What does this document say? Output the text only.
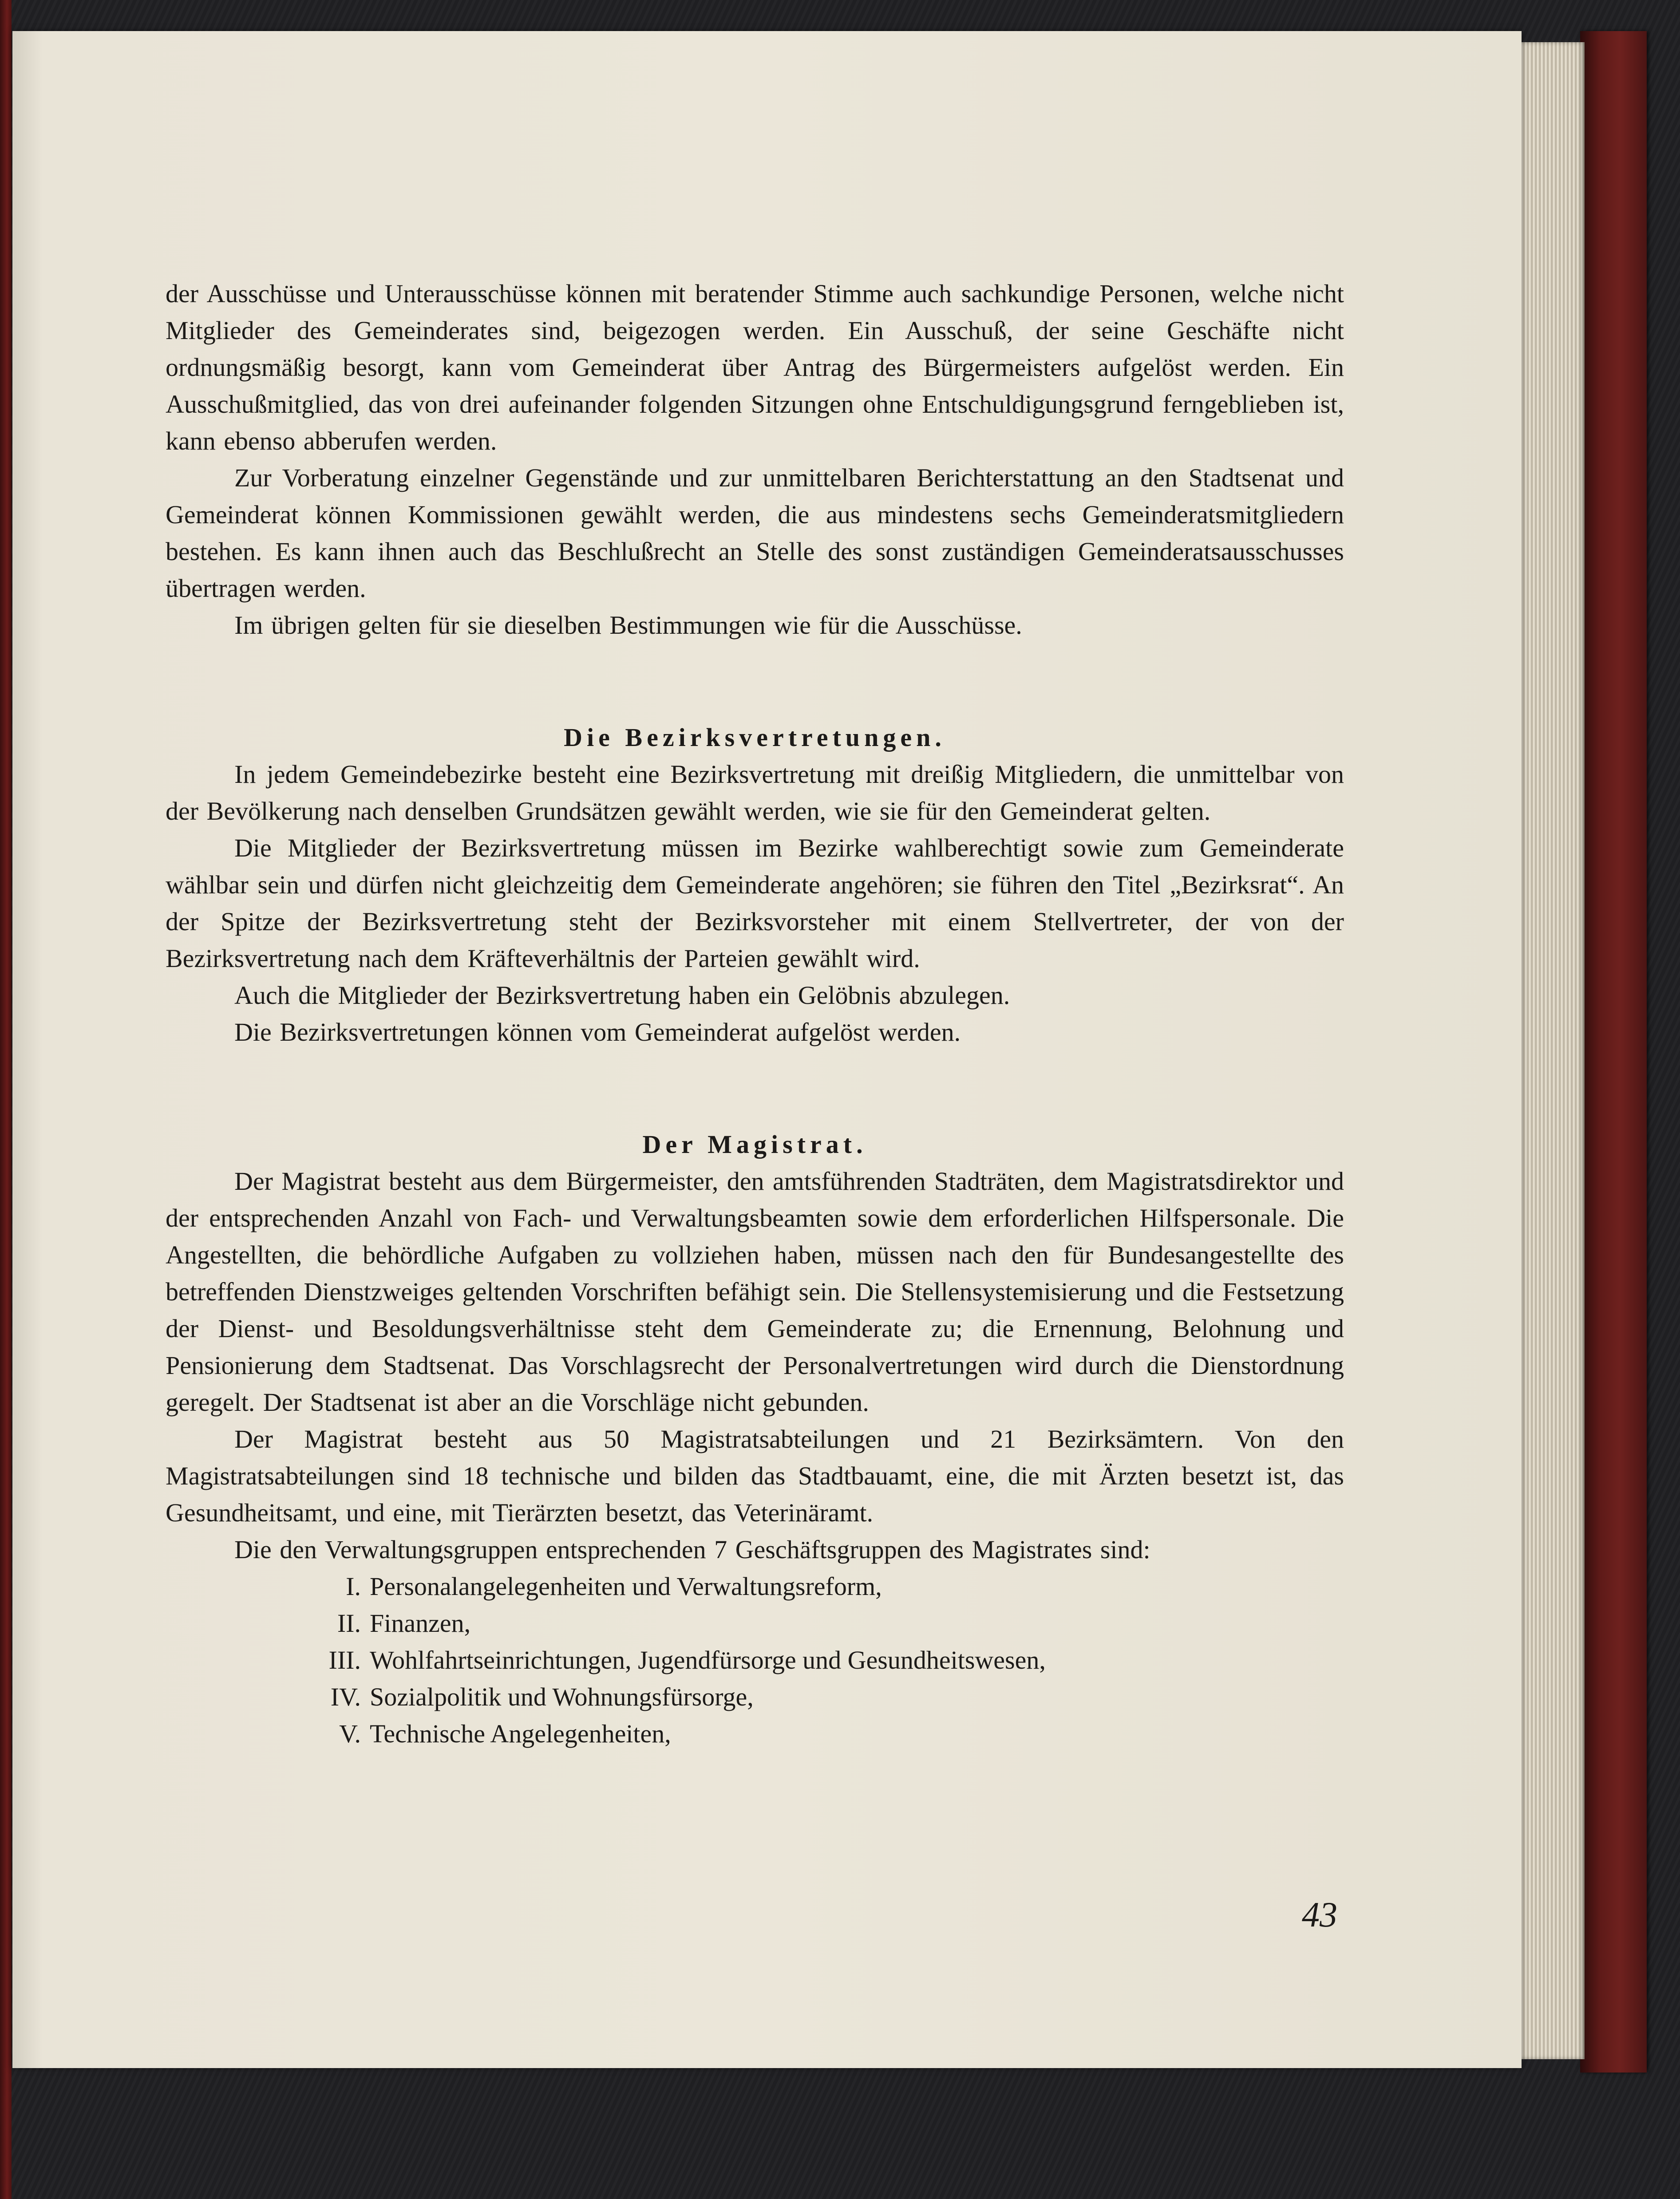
der Ausschüsse und Unterausschüsse können mit beratender Stimme auch sachkundige Personen, welche nicht Mitglieder des Gemeinderates sind, beigezogen werden. Ein Ausschuß, der seine Geschäfte nicht ordnungsmäßig besorgt, kann vom Gemeinderat über Antrag des Bürgermeisters aufgelöst werden. Ein Ausschußmitglied, das von drei aufeinander folgenden Sitzungen ohne Entschuldigungsgrund ferngeblieben ist, kann ebenso abberufen werden.

Zur Vorberatung einzelner Gegenstände und zur unmittelbaren Berichterstattung an den Stadtsenat und Gemeinderat können Kommissionen gewählt werden, die aus mindestens sechs Gemeinderatsmitgliedern bestehen. Es kann ihnen auch das Beschlußrecht an Stelle des sonst zuständigen Gemeinderatsausschusses übertragen werden.

Im übrigen gelten für sie dieselben Bestimmungen wie für die Ausschüsse.

Die Bezirksvertretungen.

In jedem Gemeindebezirke besteht eine Bezirksvertretung mit dreißig Mitgliedern, die unmittelbar von der Bevölkerung nach denselben Grundsätzen gewählt werden, wie sie für den Gemeinderat gelten.

Die Mitglieder der Bezirksvertretung müssen im Bezirke wahlberechtigt sowie zum Gemeinderate wählbar sein und dürfen nicht gleichzeitig dem Gemeinderate angehören; sie führen den Titel „Bezirksrat“. An der Spitze der Bezirksvertretung steht der Bezirksvorsteher mit einem Stellvertreter, der von der Bezirksvertretung nach dem Kräfteverhältnis der Parteien gewählt wird.

Auch die Mitglieder der Bezirksvertretung haben ein Gelöbnis abzulegen.

Die Bezirksvertretungen können vom Gemeinderat aufgelöst werden.

Der Magistrat.

Der Magistrat besteht aus dem Bürgermeister, den amtsführenden Stadträten, dem Magistratsdirektor und der entsprechenden Anzahl von Fach- und Verwaltungsbeamten sowie dem erforderlichen Hilfspersonale. Die Angestellten, die behördliche Aufgaben zu vollziehen haben, müssen nach den für Bundesangestellte des betreffenden Dienstzweiges geltenden Vorschriften befähigt sein. Die Stellensystemisierung und die Festsetzung der Dienst- und Besoldungsverhältnisse steht dem Gemeinderate zu; die Ernennung, Belohnung und Pensionierung dem Stadtsenat. Das Vorschlagsrecht der Personalvertretungen wird durch die Dienstordnung geregelt. Der Stadtsenat ist aber an die Vorschläge nicht gebunden.

Der Magistrat besteht aus 50 Magistratsabteilungen und 21 Bezirksämtern. Von den Magistratsabteilungen sind 18 technische und bilden das Stadtbauamt, eine, die mit Ärzten besetzt ist, das Gesundheitsamt, und eine, mit Tierärzten besetzt, das Veterinäramt.

Die den Verwaltungsgruppen entsprechenden 7 Geschäftsgruppen des Magistrates sind:

I. Personalangelegenheiten und Verwaltungsreform,
II. Finanzen,
III. Wohlfahrtseinrichtungen, Jugendfürsorge und Gesundheitswesen,
IV. Sozialpolitik und Wohnungsfürsorge,
V. Technische Angelegenheiten,
43
